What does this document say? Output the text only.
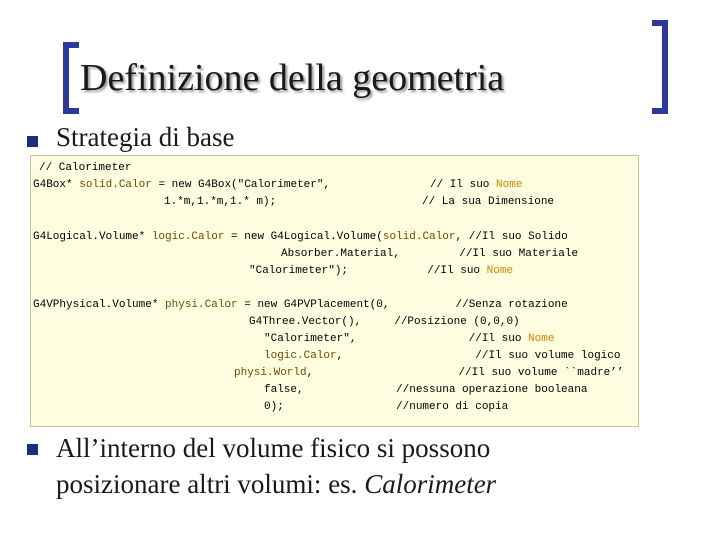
Definizione della geometria
Strategia di base
// Calorimeter
G4Box* solid.Calor = new G4Box("Calorimeter",
1.*m,1.*m,1.* m);
// Il suo Nome
// La sua Dimensione
G4Logical.Volume* logic.Calor = new G4Logical.Volume(solid.Calor, //Il suo Solido
Absorber.Material,         //Il suo Materiale
"Calorimeter");            //Il suo Nome
G4VPhysical.Volume* physi.Calor = new G4PVPlacement(0,          //Senza rotazione
G4Three.Vector(),     //Posizione (0,0,0)
"Calorimeter",                 //Il suo Nome
logic.Calor,                    //Il suo volume logico
physi.World,                      //Il suo volume ``madre’’
false,              //nessuna operazione booleana
0);                 //numero di copia
All’interno del volume fisico si possono
posizionare altri volumi: es. Calorimeter
